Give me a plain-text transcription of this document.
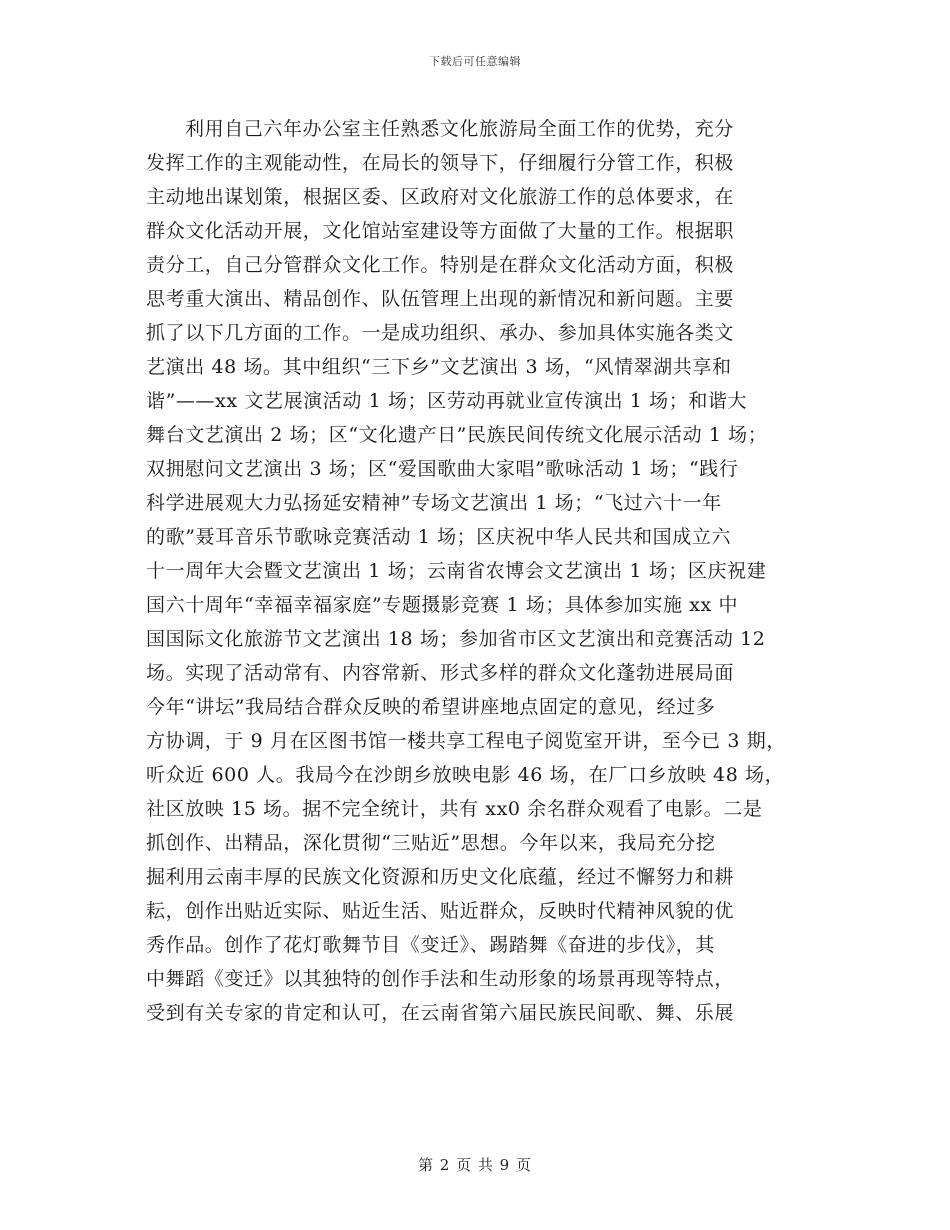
下载后可任意编辑
利用自己六年办公室主任熟悉文化旅游局全面工作的优势，充分
发挥工作的主观能动性，在局长的领导下，仔细履行分管工作，积极
主动地出谋划策，根据区委、区政府对文化旅游工作的总体要求，在
群众文化活动开展，文化馆站室建设等方面做了大量的工作。根据职
责分工，自己分管群众文化工作。特别是在群众文化活动方面，积极
思考重大演出、精品创作、队伍管理上出现的新情况和新问题。主要
抓了以下几方面的工作。一是成功组织、承办、参加具体实施各类文
艺演出 48 场。其中组织“三下乡”文艺演出 3 场，“风情翠湖共享和
谐”——xx 文艺展演活动 1 场；区劳动再就业宣传演出 1 场；和谐大
舞台文艺演出 2 场；区“文化遗产日”民族民间传统文化展示活动 1 场；
双拥慰问文艺演出 3 场；区“爱国歌曲大家唱”歌咏活动 1 场；“践行
科学进展观大力弘扬延安精神”专场文艺演出 1 场；“飞过六十一年
的歌”聂耳音乐节歌咏竞赛活动 1 场；区庆祝中华人民共和国成立六
十一周年大会暨文艺演出 1 场；云南省农博会文艺演出 1 场；区庆祝建
国六十周年“幸福幸福家庭”专题摄影竞赛 1 场；具体参加实施 xx 中
国国际文化旅游节文艺演出 18 场；参加省市区文艺演出和竞赛活动 12
场。实现了活动常有、内容常新、形式多样的群众文化蓬勃进展局面
今年“讲坛”我局结合群众反映的希望讲座地点固定的意见，经过多
方协调，于 9 月在区图书馆一楼共享工程电子阅览室开讲，至今已 3 期，
听众近 600 人。我局今在沙朗乡放映电影 46 场，在厂口乡放映 48 场，
社区放映 15 场。据不完全统计，共有 xx0 余名群众观看了电影。二是
抓创作、出精品，深化贯彻“三贴近”思想。今年以来，我局充分挖
掘利用云南丰厚的民族文化资源和历史文化底蕴，经过不懈努力和耕
耘，创作出贴近实际、贴近生活、贴近群众，反映时代精神风貌的优
秀作品。创作了花灯歌舞节目《变迁》、踢踏舞《奋进的步伐》，其
中舞蹈《变迁》以其独特的创作手法和生动形象的场景再现等特点，
受到有关专家的肯定和认可，在云南省第六届民族民间歌、舞、乐展
第 2 页 共 9 页
